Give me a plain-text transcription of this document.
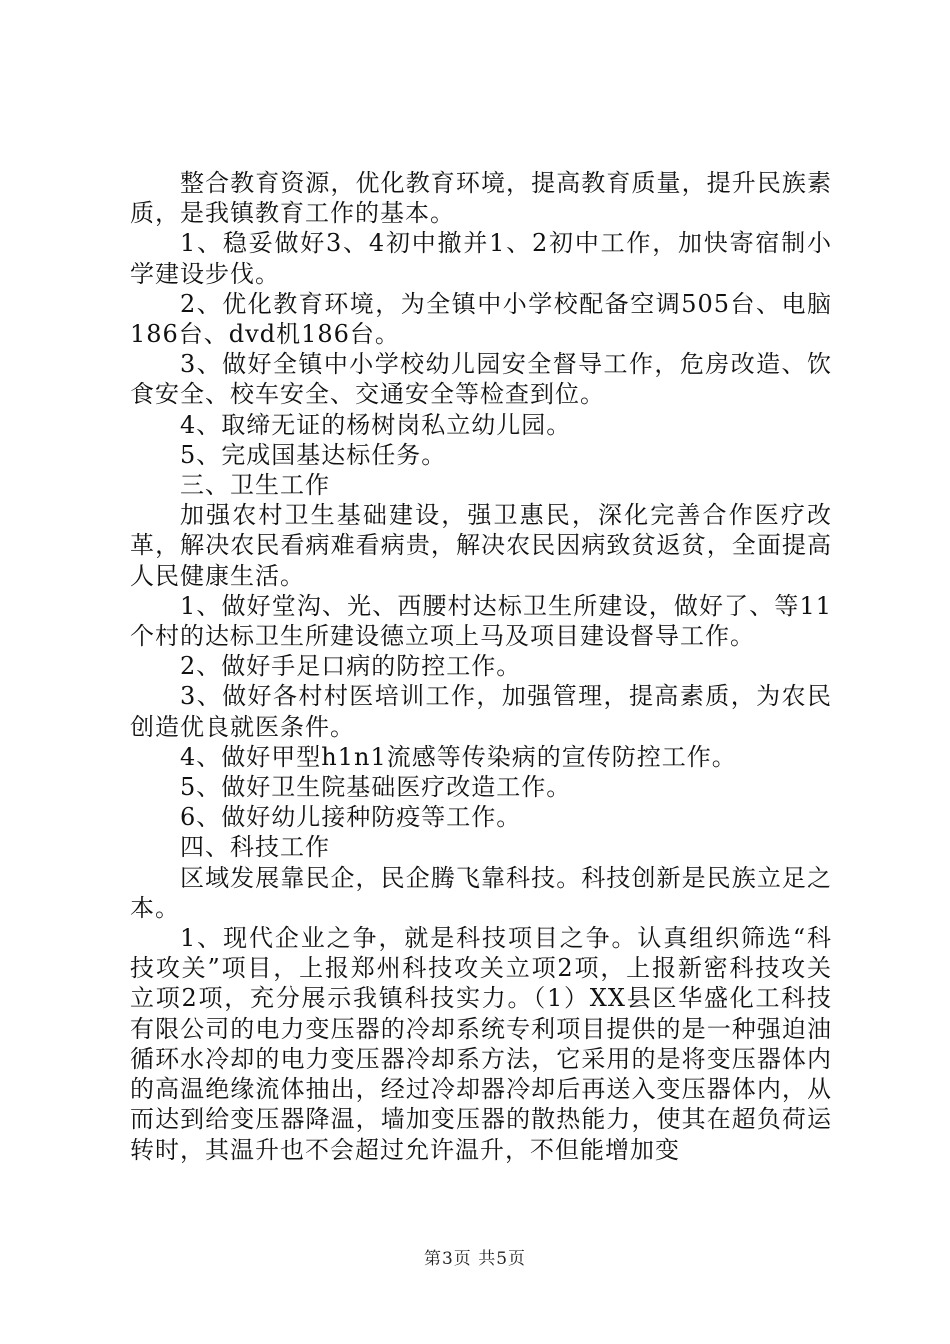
整合教育资源，优化教育环境，提高教育质量，提升民族素质，是我镇教育工作的基本。

1、稳妥做好3、4初中撤并1、2初中工作，加快寄宿制小学建设步伐。

2、优化教育环境，为全镇中小学校配备空调505台、电脑186台、dvd机186台。

3、做好全镇中小学校幼儿园安全督导工作，危房改造、饮食安全、校车安全、交通安全等检查到位。

4、取缔无证的杨树岗私立幼儿园。

5、完成国基达标任务。

三、卫生工作

加强农村卫生基础建设，强卫惠民，深化完善合作医疗改革，解决农民看病难看病贵，解决农民因病致贫返贫，全面提高人民健康生活。

1、做好堂沟、光、西腰村达标卫生所建设，做好了、等11个村的达标卫生所建设德立项上马及项目建设督导工作。

2、做好手足口病的防控工作。

3、做好各村村医培训工作，加强管理，提高素质，为农民创造优良就医条件。

4、做好甲型h1n1流感等传染病的宣传防控工作。

5、做好卫生院基础医疗改造工作。

6、做好幼儿接种防疫等工作。

四、科技工作

区域发展靠民企，民企腾飞靠科技。科技创新是民族立足之本。

1、现代企业之争，就是科技项目之争。认真组织筛选“科技攻关”项目，上报郑州科技攻关立项2项，上报新密科技攻关立项2项，充分展示我镇科技实力。（1）XX县区华盛化工科技有限公司的电力变压器的冷却系统专利项目提供的是一种强迫油循环水冷却的电力变压器冷却系方法，它采用的是将变压器体内的高温绝缘流体抽出，经过冷却器冷却后再送入变压器体内，从而达到给变压器降温，墙加变压器的散热能力，使其在超负荷运转时，其温升也不会超过允许温升，不但能增加变

第3页 共5页
